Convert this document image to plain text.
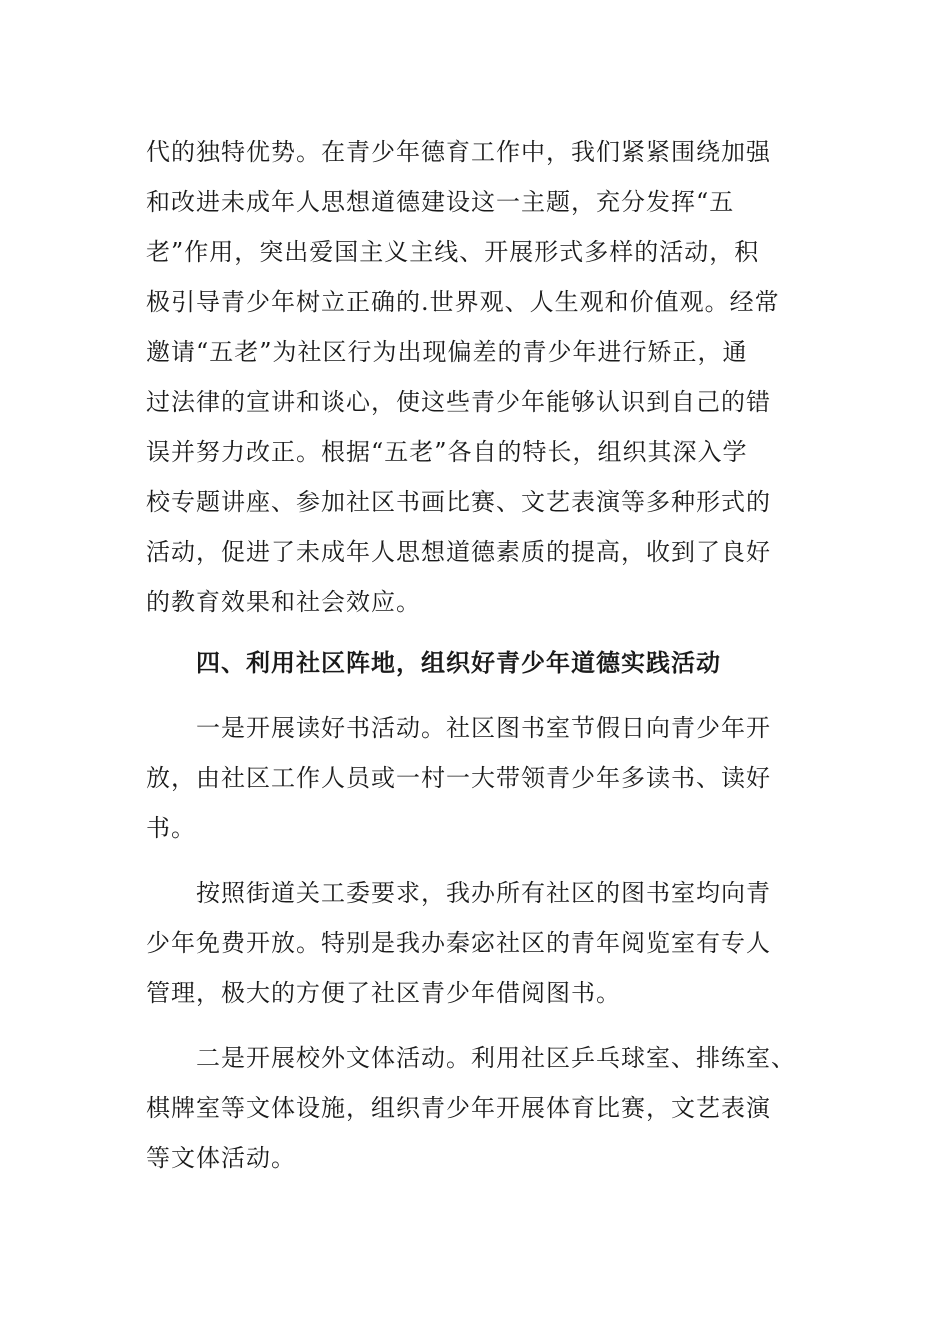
代的独特优势。在青少年德育工作中，我们紧紧围绕加强
和改进未成年人思想道德建设这一主题，充分发挥“五
老”作用，突出爱国主义主线、开展形式多样的活动，积
极引导青少年树立正确的.世界观、人生观和价值观。经常
邀请“五老”为社区行为出现偏差的青少年进行矫正，通
过法律的宣讲和谈心，使这些青少年能够认识到自己的错
误并努力改正。根据“五老”各自的特长，组织其深入学
校专题讲座、参加社区书画比赛、文艺表演等多种形式的
活动，促进了未成年人思想道德素质的提高，收到了良好
的教育效果和社会效应。
四、利用社区阵地，组织好青少年道德实践活动
一是开展读好书活动。社区图书室节假日向青少年开
放，由社区工作人员或一村一大带领青少年多读书、读好
书。
按照街道关工委要求，我办所有社区的图书室均向青
少年免费开放。特别是我办秦宓社区的青年阅览室有专人
管理，极大的方便了社区青少年借阅图书。
二是开展校外文体活动。利用社区乒乓球室、排练室、
棋牌室等文体设施，组织青少年开展体育比赛，文艺表演
等文体活动。
